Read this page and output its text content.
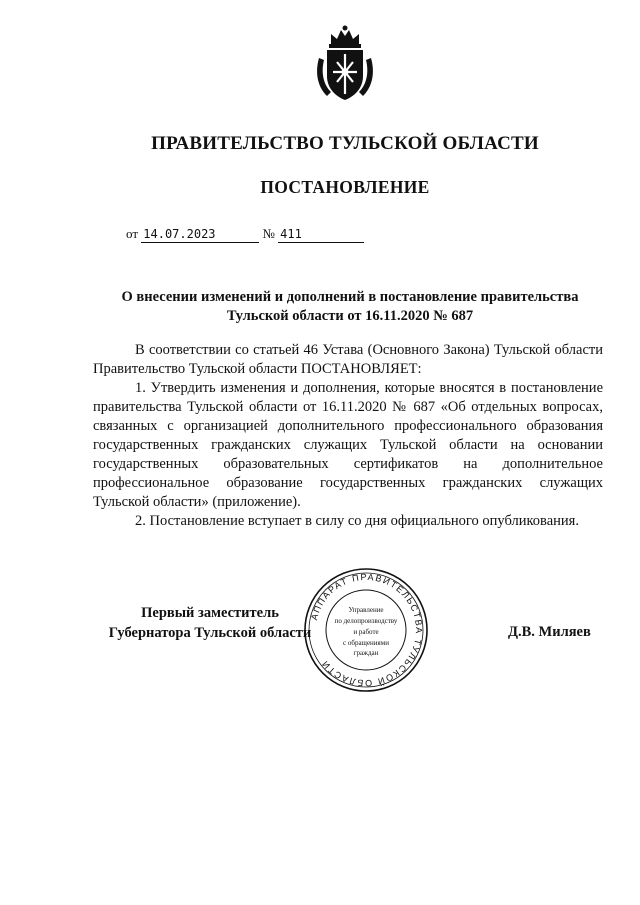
ПРАВИТЕЛЬСТВО ТУЛЬСКОЙ ОБЛАСТИ
ПОСТАНОВЛЕНИЕ
от 14.07.2023	№ 411
О внесении изменений и дополнений в постановление правительства Тульской области от 16.11.2020 № 687

В соответствии со статьей 46 Устава (Основного Закона) Тульской области Правительство Тульской области ПОСТАНОВЛЯЕТ:

1. Утвердить изменения и дополнения, которые вносятся в постановление правительства Тульской области от 16.11.2020 № 687 «Об отдельных вопросах, связанных с организацией дополнительного профессионального образования государственных гражданских служащих Тульской области на основании государственных образовательных сертификатов на дополнительное профессиональное образование государственных гражданских служащих Тульской области» (приложение).

2. Постановление вступает в силу со дня официального опубликования.

Первый заместитель
Губернатора Тульской области	Д.В. Миляев
АППАРАТ ПРАВИТЕЛЬСТВА ТУЛЬСКОЙ ОБЛАСТИ
Управление
по делопроизводству
и работе
с обращениями
граждан
